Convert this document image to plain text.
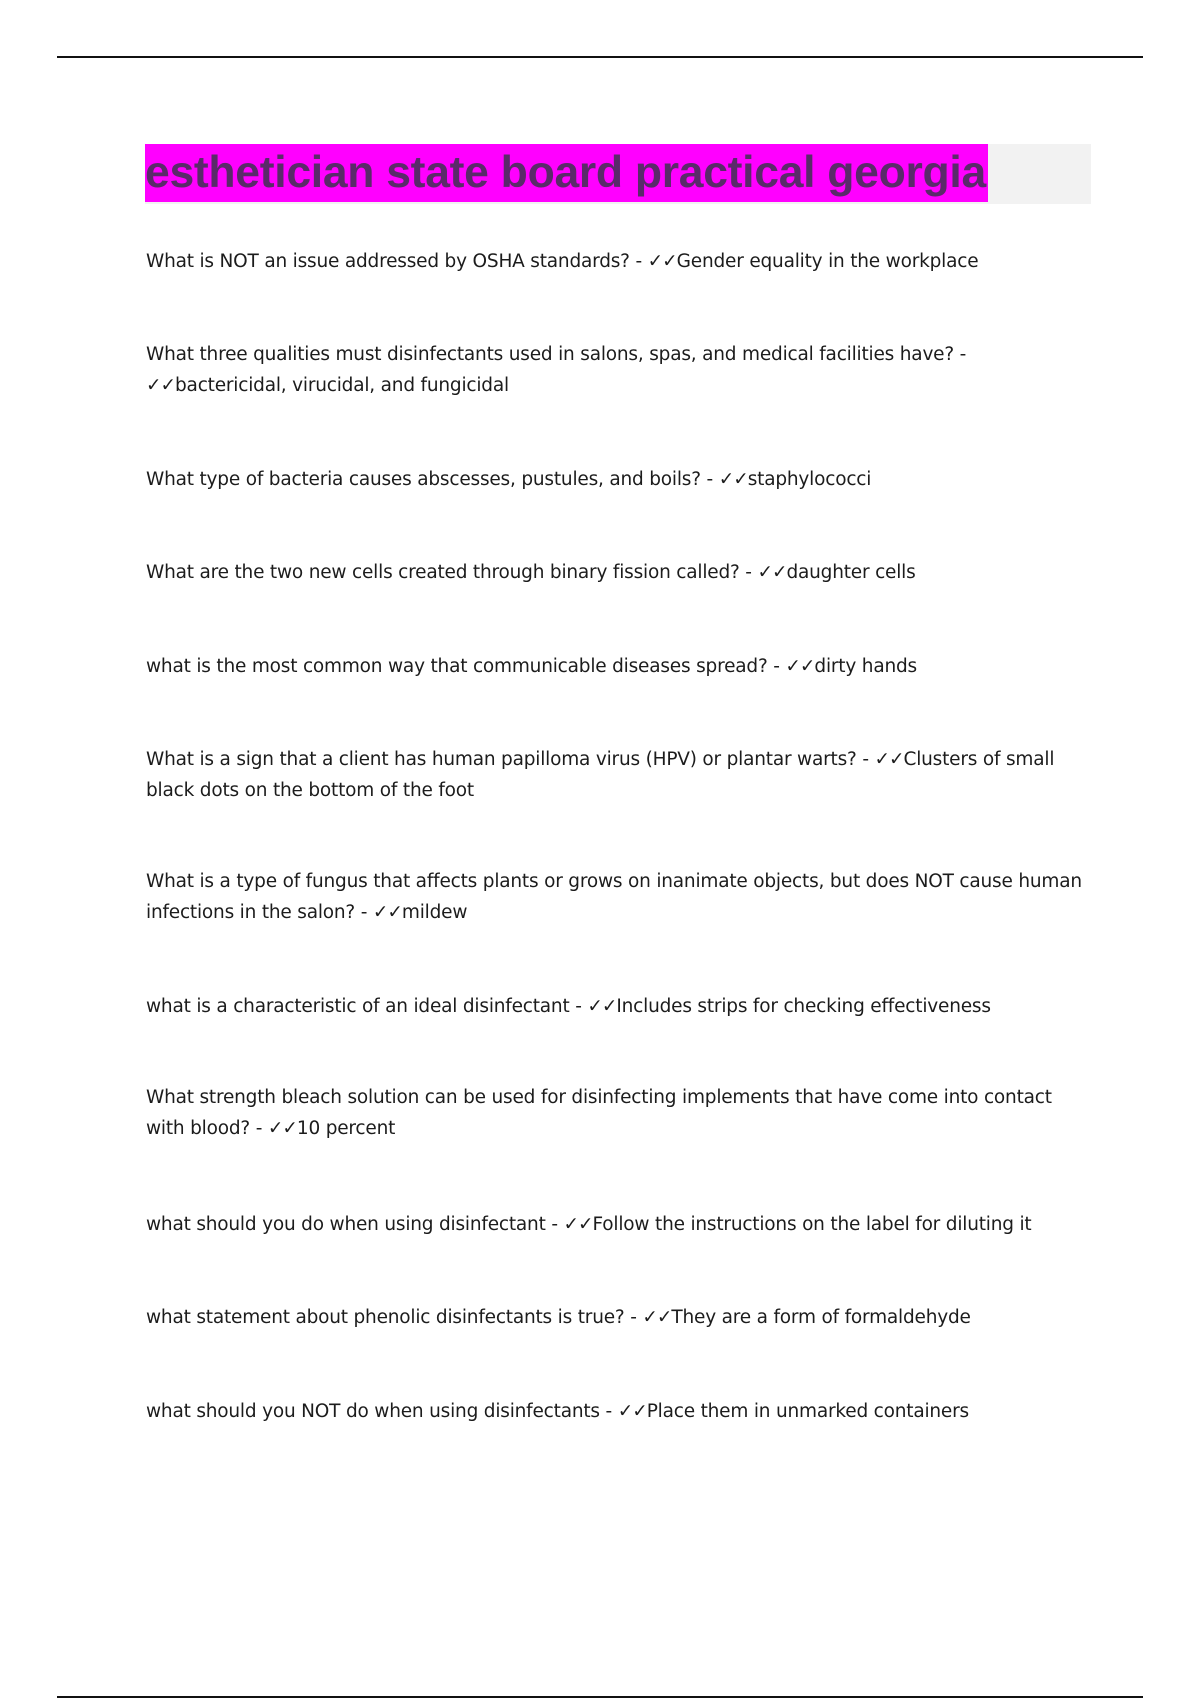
esthetician state board practical georgia
What is NOT an issue addressed by OSHA standards? - ✓✓Gender equality in the workplace
What three qualities must disinfectants used in salons, spas, and medical facilities have? - ✓✓bactericidal, virucidal, and fungicidal
What type of bacteria causes abscesses, pustules, and boils? - ✓✓staphylococci
What are the two new cells created through binary fission called? - ✓✓daughter cells
what is the most common way that communicable diseases spread? - ✓✓dirty hands
What is a sign that a client has human papilloma virus (HPV) or plantar warts? - ✓✓Clusters of small black dots on the bottom of the foot
What is a type of fungus that affects plants or grows on inanimate objects, but does NOT cause human infections in the salon? - ✓✓mildew
what is a characteristic of an ideal disinfectant - ✓✓Includes strips for checking effectiveness
What strength bleach solution can be used for disinfecting implements that have come into contact with blood? - ✓✓10 percent
what should you do when using disinfectant - ✓✓Follow the instructions on the label for diluting it
what statement about phenolic disinfectants is true? - ✓✓They are a form of formaldehyde
what should you NOT do when using disinfectants - ✓✓Place them in unmarked containers
